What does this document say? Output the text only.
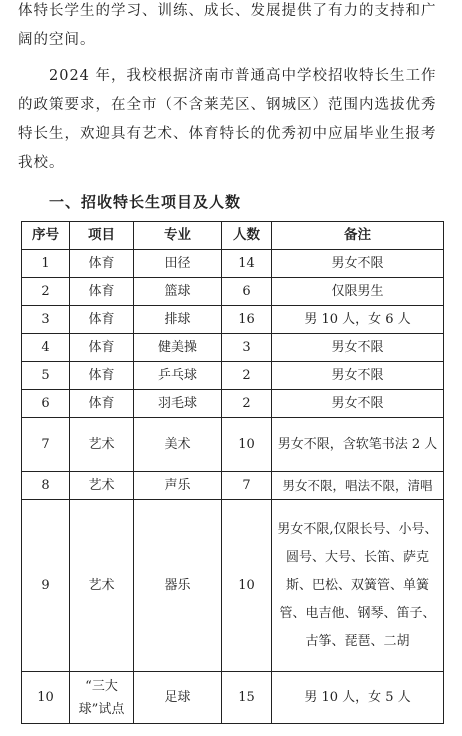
体特长学生的学习、训练、成长、发展提供了有力的支持和广阔的空间。

2024 年，我校根据济南市普通高中学校招收特长生工作的政策要求，在全市（不含莱芜区、钢城区）范围内选拔优秀特长生，欢迎具有艺术、体育特长的优秀初中应届毕业生报考我校。

一、招收特长生项目及人数
序号	项目	专业	人数	备注
1	体育	田径	14	男女不限
2	体育	篮球	6	仅限男生
3	体育	排球	16	男 10 人，女 6 人
4	体育	健美操	3	男女不限
5	体育	乒乓球	2	男女不限
6	体育	羽毛球	2	男女不限
7	艺术	美术	10	男女不限，含软笔书法 2 人
8	艺术	声乐	7	男女不限，唱法不限，清唱
9	艺术	器乐	10	男女不限,仅限长号、小号、圆号、大号、长笛、萨克斯、巴松、双簧管、单簧管、电吉他、钢琴、笛子、古筝、琵琶、二胡
10	“三大球”试点	足球	15	男 10 人，女 5 人
